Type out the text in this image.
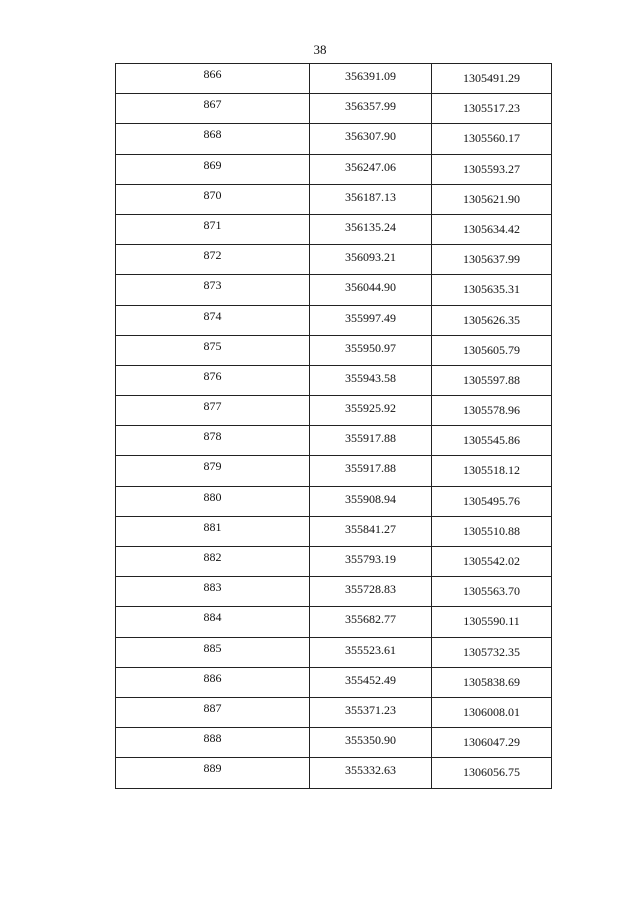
38
866	356391.09	1305491.29
867	356357.99	1305517.23
868	356307.90	1305560.17
869	356247.06	1305593.27
870	356187.13	1305621.90
871	356135.24	1305634.42
872	356093.21	1305637.99
873	356044.90	1305635.31
874	355997.49	1305626.35
875	355950.97	1305605.79
876	355943.58	1305597.88
877	355925.92	1305578.96
878	355917.88	1305545.86
879	355917.88	1305518.12
880	355908.94	1305495.76
881	355841.27	1305510.88
882	355793.19	1305542.02
883	355728.83	1305563.70
884	355682.77	1305590.11
885	355523.61	1305732.35
886	355452.49	1305838.69
887	355371.23	1306008.01
888	355350.90	1306047.29
889	355332.63	1306056.75
